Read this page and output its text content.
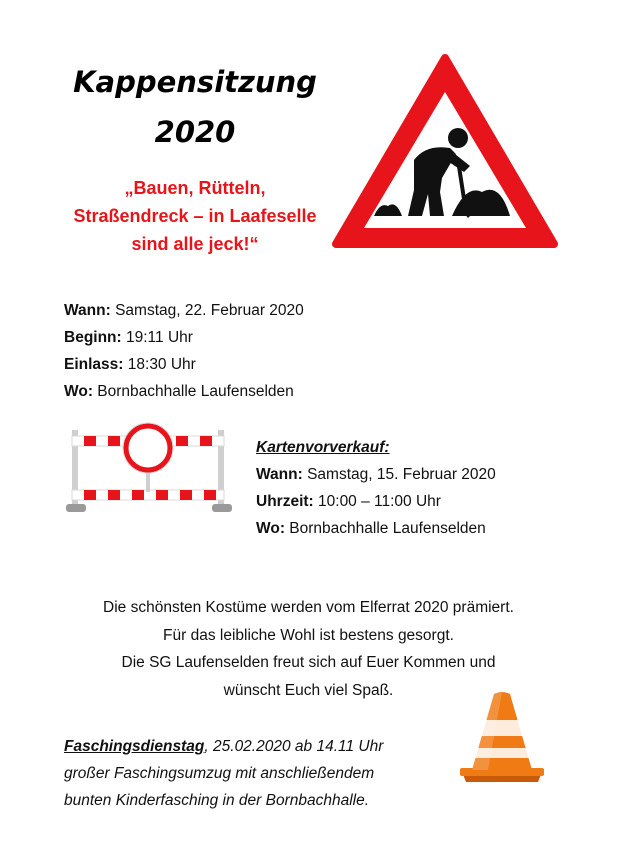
Kappensitzung
2020
„Bauen, Rütteln,
Straßendreck – in Laafeselle
sind alle jeck!“
Wann: Samstag, 22. Februar 2020
Beginn: 19:11 Uhr
Einlass: 18:30 Uhr
Wo: Bornbachhalle Laufenselden
Kartenvorverkauf:
Wann: Samstag, 15. Februar 2020
Uhrzeit: 10:00 – 11:00 Uhr
Wo: Bornbachhalle Laufenselden
Die schönsten Kostüme werden vom Elferrat 2020 prämiert.
Für das leibliche Wohl ist bestens gesorgt.
Die SG Laufenselden freut sich auf Euer Kommen und
wünscht Euch viel Spaß.
Faschingsdienstag, 25.02.2020 ab 14.11 Uhr
großer Faschingsumzug mit anschließendem
bunten Kinderfasching in der Bornbachhalle.
